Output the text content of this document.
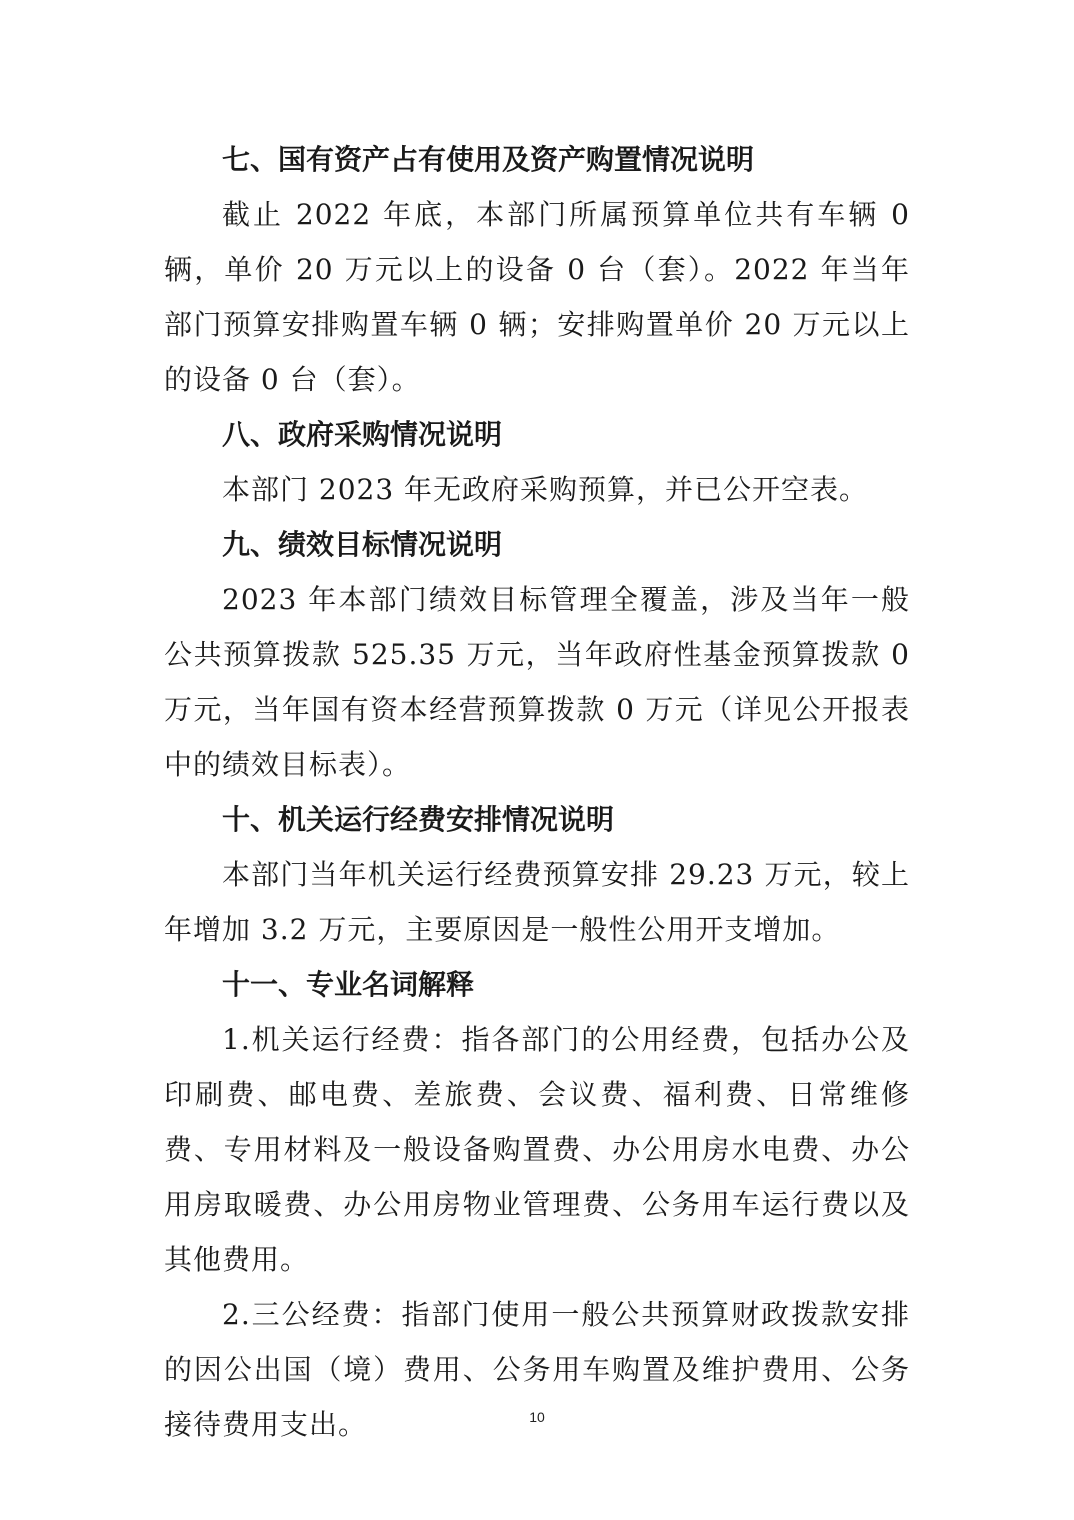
七、国有资产占有使用及资产购置情况说明

截止 2022 年底，本部门所属预算单位共有车辆 0 辆，单价 20 万元以上的设备 0 台（套）。2022 年当年部门预算安排购置车辆 0 辆；安排购置单价 20 万元以上的设备 0 台（套）。

八、政府采购情况说明

本部门 2023 年无政府采购预算，并已公开空表。

九、绩效目标情况说明

2023 年本部门绩效目标管理全覆盖，涉及当年一般公共预算拨款 525.35 万元，当年政府性基金预算拨款 0 万元，当年国有资本经营预算拨款 0 万元（详见公开报表中的绩效目标表）。

十、机关运行经费安排情况说明

本部门当年机关运行经费预算安排 29.23 万元，较上年增加 3.2 万元，主要原因是一般性公用开支增加。

十一、专业名词解释

1.机关运行经费：指各部门的公用经费，包括办公及印刷费、邮电费、差旅费、会议费、福利费、日常维修费、专用材料及一般设备购置费、办公用房水电费、办公用房取暖费、办公用房物业管理费、公务用车运行费以及其他费用。

2.三公经费：指部门使用一般公共预算财政拨款安排的因公出国（境）费用、公务用车购置及维护费用、公务接待费用支出。	10
